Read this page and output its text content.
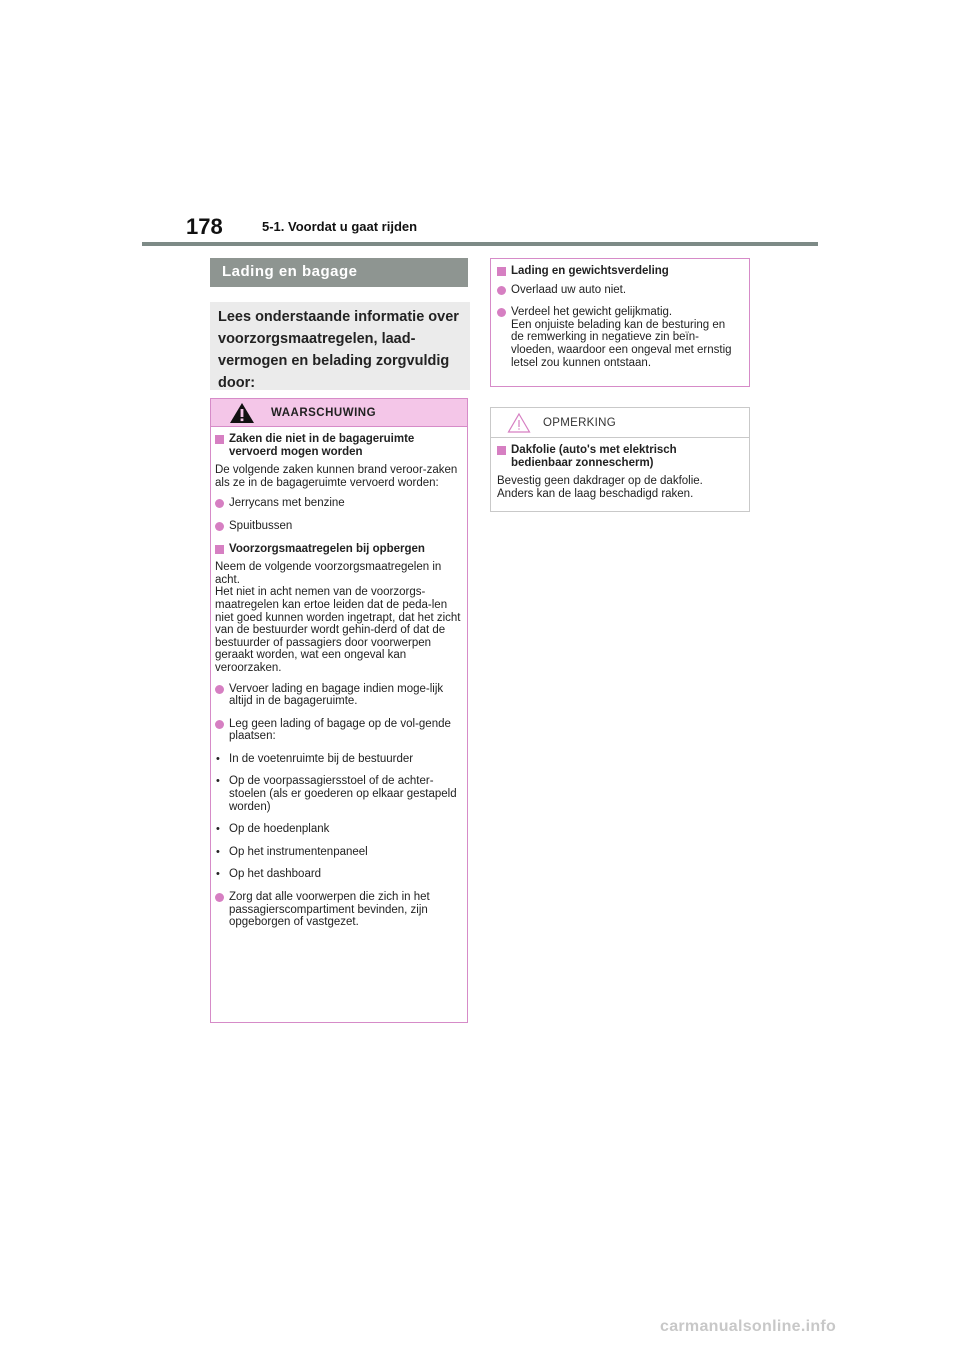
178	5-1. Voordat u gaat rijden
Lading en bagage

Lees onderstaande informatie over voorzorgsmaatregelen, laadvermogen en belading zorgvuldig door:

WAARSCHUWING

Zaken die niet in de bagageruimte vervoerd mogen worden

De volgende zaken kunnen brand veroor-zaken als ze in de bagageruimte vervoerd worden:

Jerrycans met benzine

Spuitbussen

Voorzorgsmaatregelen bij opbergen

Neem de volgende voorzorgsmaatregelen in acht.

Het niet in acht nemen van de voorzorgs-maatregelen kan ertoe leiden dat de peda-len niet goed kunnen worden ingetrapt, dat het zicht van de bestuurder wordt gehin-derd of dat de bestuurder of passagiers door voorwerpen geraakt worden, wat een ongeval kan veroorzaken.

Vervoer lading en bagage indien moge-lijk altijd in de bagageruimte.

Leg geen lading of bagage op de vol-gende plaatsen:

• In de voetenruimte bij de bestuurder

• Op de voorpassagiersstoel of de achter-stoelen (als er goederen op elkaar gestapeld worden)

• Op de hoedenplank

• Op het instrumentenpaneel

• Op het dashboard

Zorg dat alle voorwerpen die zich in het passagierscompartiment bevinden, zijn opgeborgen of vastgezet.

Lading en gewichtsverdeling

Overlaad uw auto niet.

Verdeel het gewicht gelijkmatig.

Een onjuiste belading kan de besturing en de remwerking in negatieve zin beïn-vloeden, waardoor een ongeval met ernstig letsel zou kunnen ontstaan.

OPMERKING

Dakfolie (auto's met elektrisch bedienbaar zonnescherm)

Bevestig geen dakdrager op de dakfolie. Anders kan de laag beschadigd raken.

carmanualsonline.info
